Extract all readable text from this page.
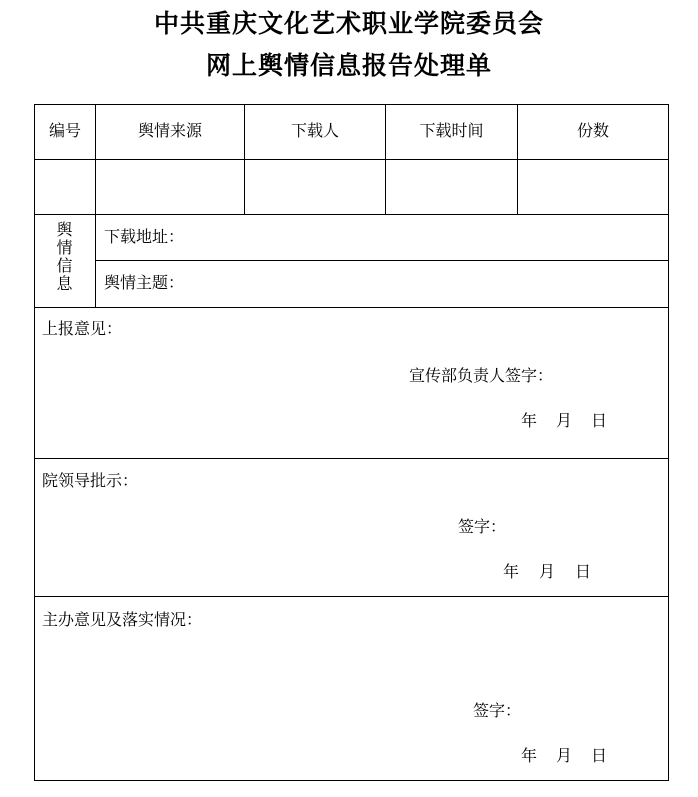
中共重庆文化艺术职业学院委员会
网上舆情信息报告处理单
编号	舆情来源	下载人	下载时间	份数
舆
情
信
息
下载地址：
舆情主题：
上报意见：
宣传部负责人签字：
年 月 日
院领导批示：
签字：
年 月 日
主办意见及落实情况：
签字：
年 月 日
